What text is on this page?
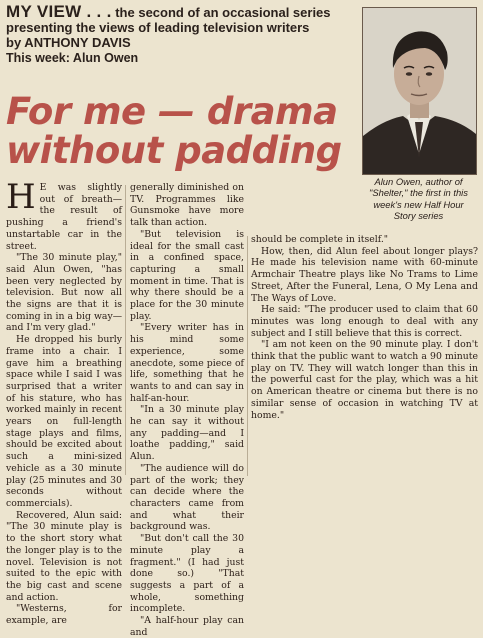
MY VIEW . . . the second of an occasional series
presenting the views of leading television writers
by ANTHONY DAVIS
This week: Alun Owen
For me — drama
without padding
Alun Owen, author of "Shelter," the first in this week's new Half Hour Story series

H E was slightly out of breath—the result of pushing a friend's unstartable car in the street.

"The 30 minute play," said Alun Owen, "has been very neglected by television. But now all the signs are that it is coming in in a big way—and I'm very glad."

He dropped his burly frame into a chair. I gave him a breathing space while I said I was surprised that a writer of his stature, who has worked mainly in recent years on full-length stage plays and films, should be excited about such a mini-sized vehicle as a 30 minute play (25 minutes and 30 seconds without commercials).

Recovered, Alun said: "The 30 minute play is to the short story what the longer play is to the novel. Television is not suited to the epic with the big cast and scene and action.

"Westerns, for example, are

generally diminished on TV. Programmes like Gunsmoke have more talk than action.

"But television is ideal for the small cast in a confined space, capturing a small moment in time. That is why there should be a place for the 30 minute play.

"Every writer has in his mind some experience, some anecdote, some piece of life, something that he wants to and can say in half-an-hour.

"In a 30 minute play he can say it without any padding—and I loathe padding," said Alun.

"The audience will do part of the work; they can decide where the characters came from and what their background was.

"But don't call the 30 minute play a fragment." (I had just done so.) "That suggests a part of a whole, something incomplete.

"A half-hour play can and

should be complete in itself."

How, then, did Alun feel about longer plays? He made his television name with 60-minute Armchair Theatre plays like No Trams to Lime Street, After the Funeral, Lena, O My Lena and The Ways of Love.

He said: "The producer used to claim that 60 minutes was long enough to deal with any subject and I still believe that this is correct.

"I am not keen on the 90 minute play. I don't think that the public want to watch a 90 minute play on TV. They will watch longer than this in the powerful cast for the play, which was a hit on American theatre or cinema but there is no similar sense of occasion in watching TV at home."
